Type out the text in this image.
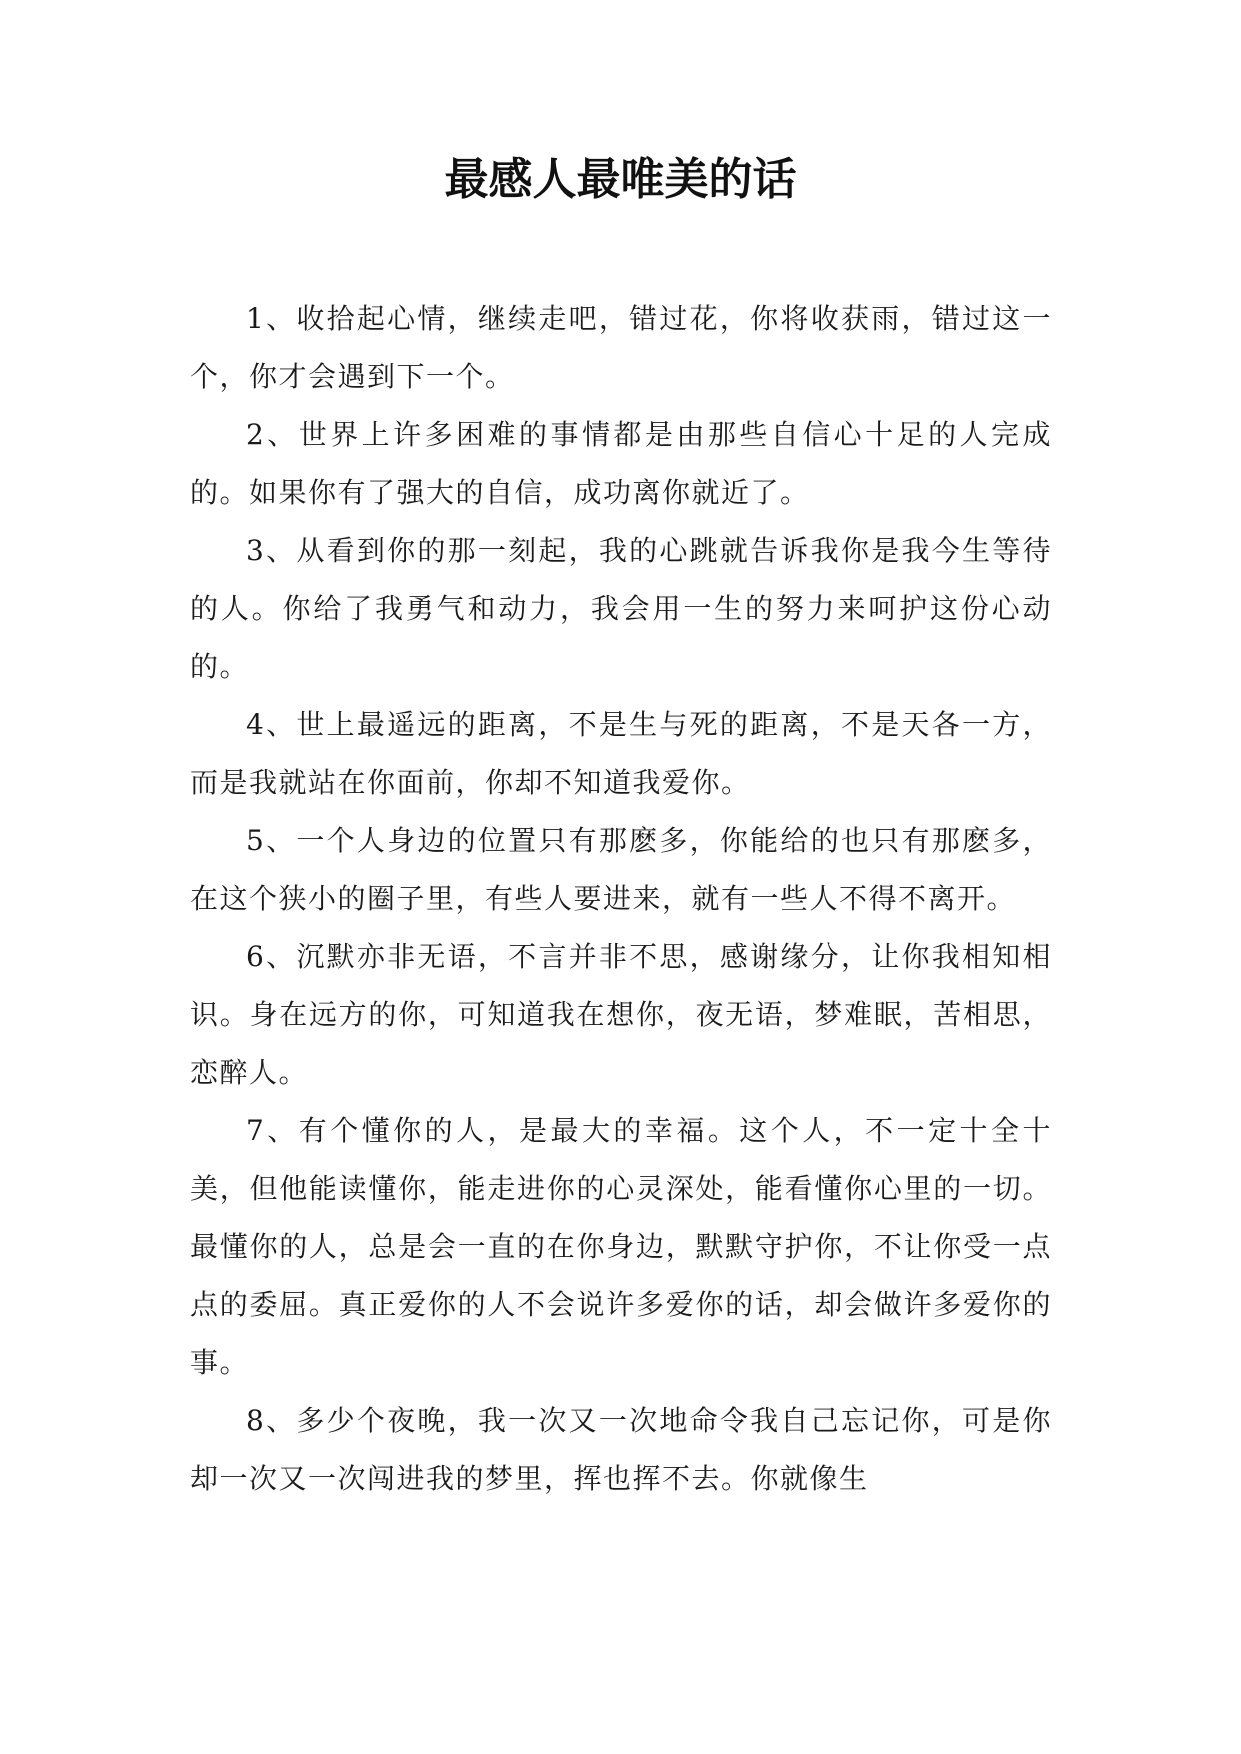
最感人最唯美的话

1、收拾起心情，继续走吧，错过花，你将收获雨，错过这一个，你才会遇到下一个。

2、世界上许多困难的事情都是由那些自信心十足的人完成的。如果你有了强大的自信，成功离你就近了。

3、从看到你的那一刻起，我的心跳就告诉我你是我今生等待的人。你给了我勇气和动力，我会用一生的努力来呵护这份心动的。

4、世上最遥远的距离，不是生与死的距离，不是天各一方，而是我就站在你面前，你却不知道我爱你。

5、一个人身边的位置只有那麽多，你能给的也只有那麽多，在这个狭小的圈子里，有些人要进来，就有一些人不得不离开。

6、沉默亦非无语，不言并非不思，感谢缘分，让你我相知相识。身在远方的你，可知道我在想你，夜无语，梦难眠，苦相思，恋醉人。

7、有个懂你的人，是最大的幸福。这个人，不一定十全十美，但他能读懂你，能走进你的心灵深处，能看懂你心里的一切。最懂你的人，总是会一直的在你身边，默默守护你，不让你受一点点的委屈。真正爱你的人不会说许多爱你的话，却会做许多爱你的事。

8、多少个夜晚，我一次又一次地命令我自己忘记你，可是你却一次又一次闯进我的梦里，挥也挥不去。你就像生
